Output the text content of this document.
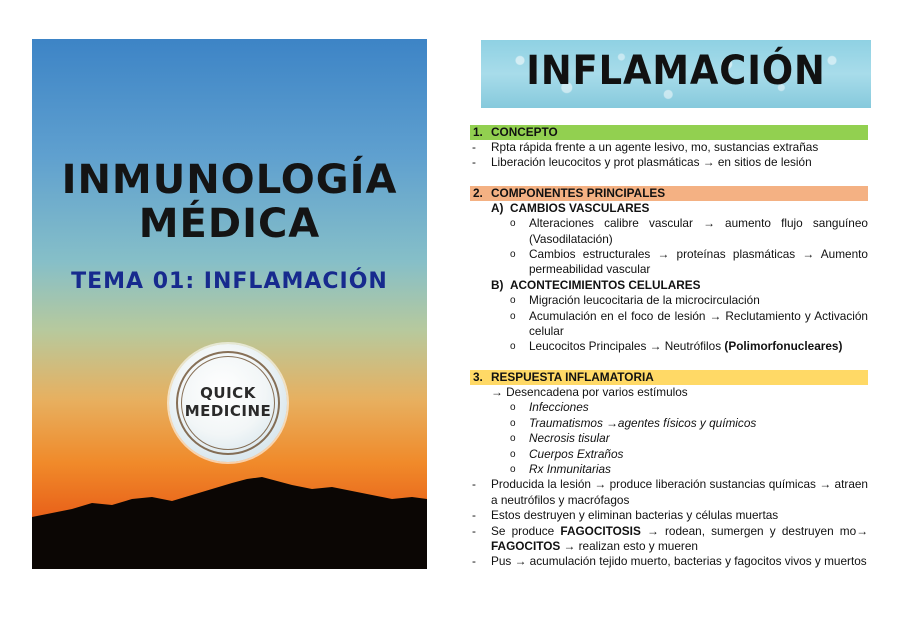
INMUNOLOGÍA
MÉDICA
TEMA 01: INFLAMACIÓN
QUICK
MEDICINE
INFLAMACIÓN
1. CONCEPTO
-	Rpta rápida frente a un agente lesivo, mo, sustancias extrañas
-	Liberación leucocitos y prot plasmáticas → en sitios de lesión
2. COMPONENTES PRINCIPALES
A) CAMBIOS VASCULARES
o	Alteraciones calibre vascular → aumento flujo sanguíneo (Vasodilatación)
o	Cambios estructurales → proteínas plasmáticas → Aumento permeabilidad vascular
B) ACONTECIMIENTOS CELULARES
o	Migración leucocitaria de la microcirculación
o	Acumulación en el foco de lesión → Reclutamiento y Activación celular
o	Leucocitos Principales → Neutrófilos (Polimorfonucleares)
3. RESPUESTA INFLAMATORIA
→ Desencadena por varios estímulos
o	Infecciones
o	Traumatismos →agentes físicos y químicos
o	Necrosis tisular
o	Cuerpos Extraños
o	Rx Inmunitarias
-	Producida la lesión → produce liberación sustancias químicas → atraen a neutrófilos y macrófagos
-	Estos destruyen y eliminan bacterias y células muertas
-	Se produce FAGOCITOSIS → rodean, sumergen y destruyen mo→ FAGOCITOS → realizan esto y mueren
-	Pus → acumulación tejido muerto, bacterias y fagocitos vivos y muertos
